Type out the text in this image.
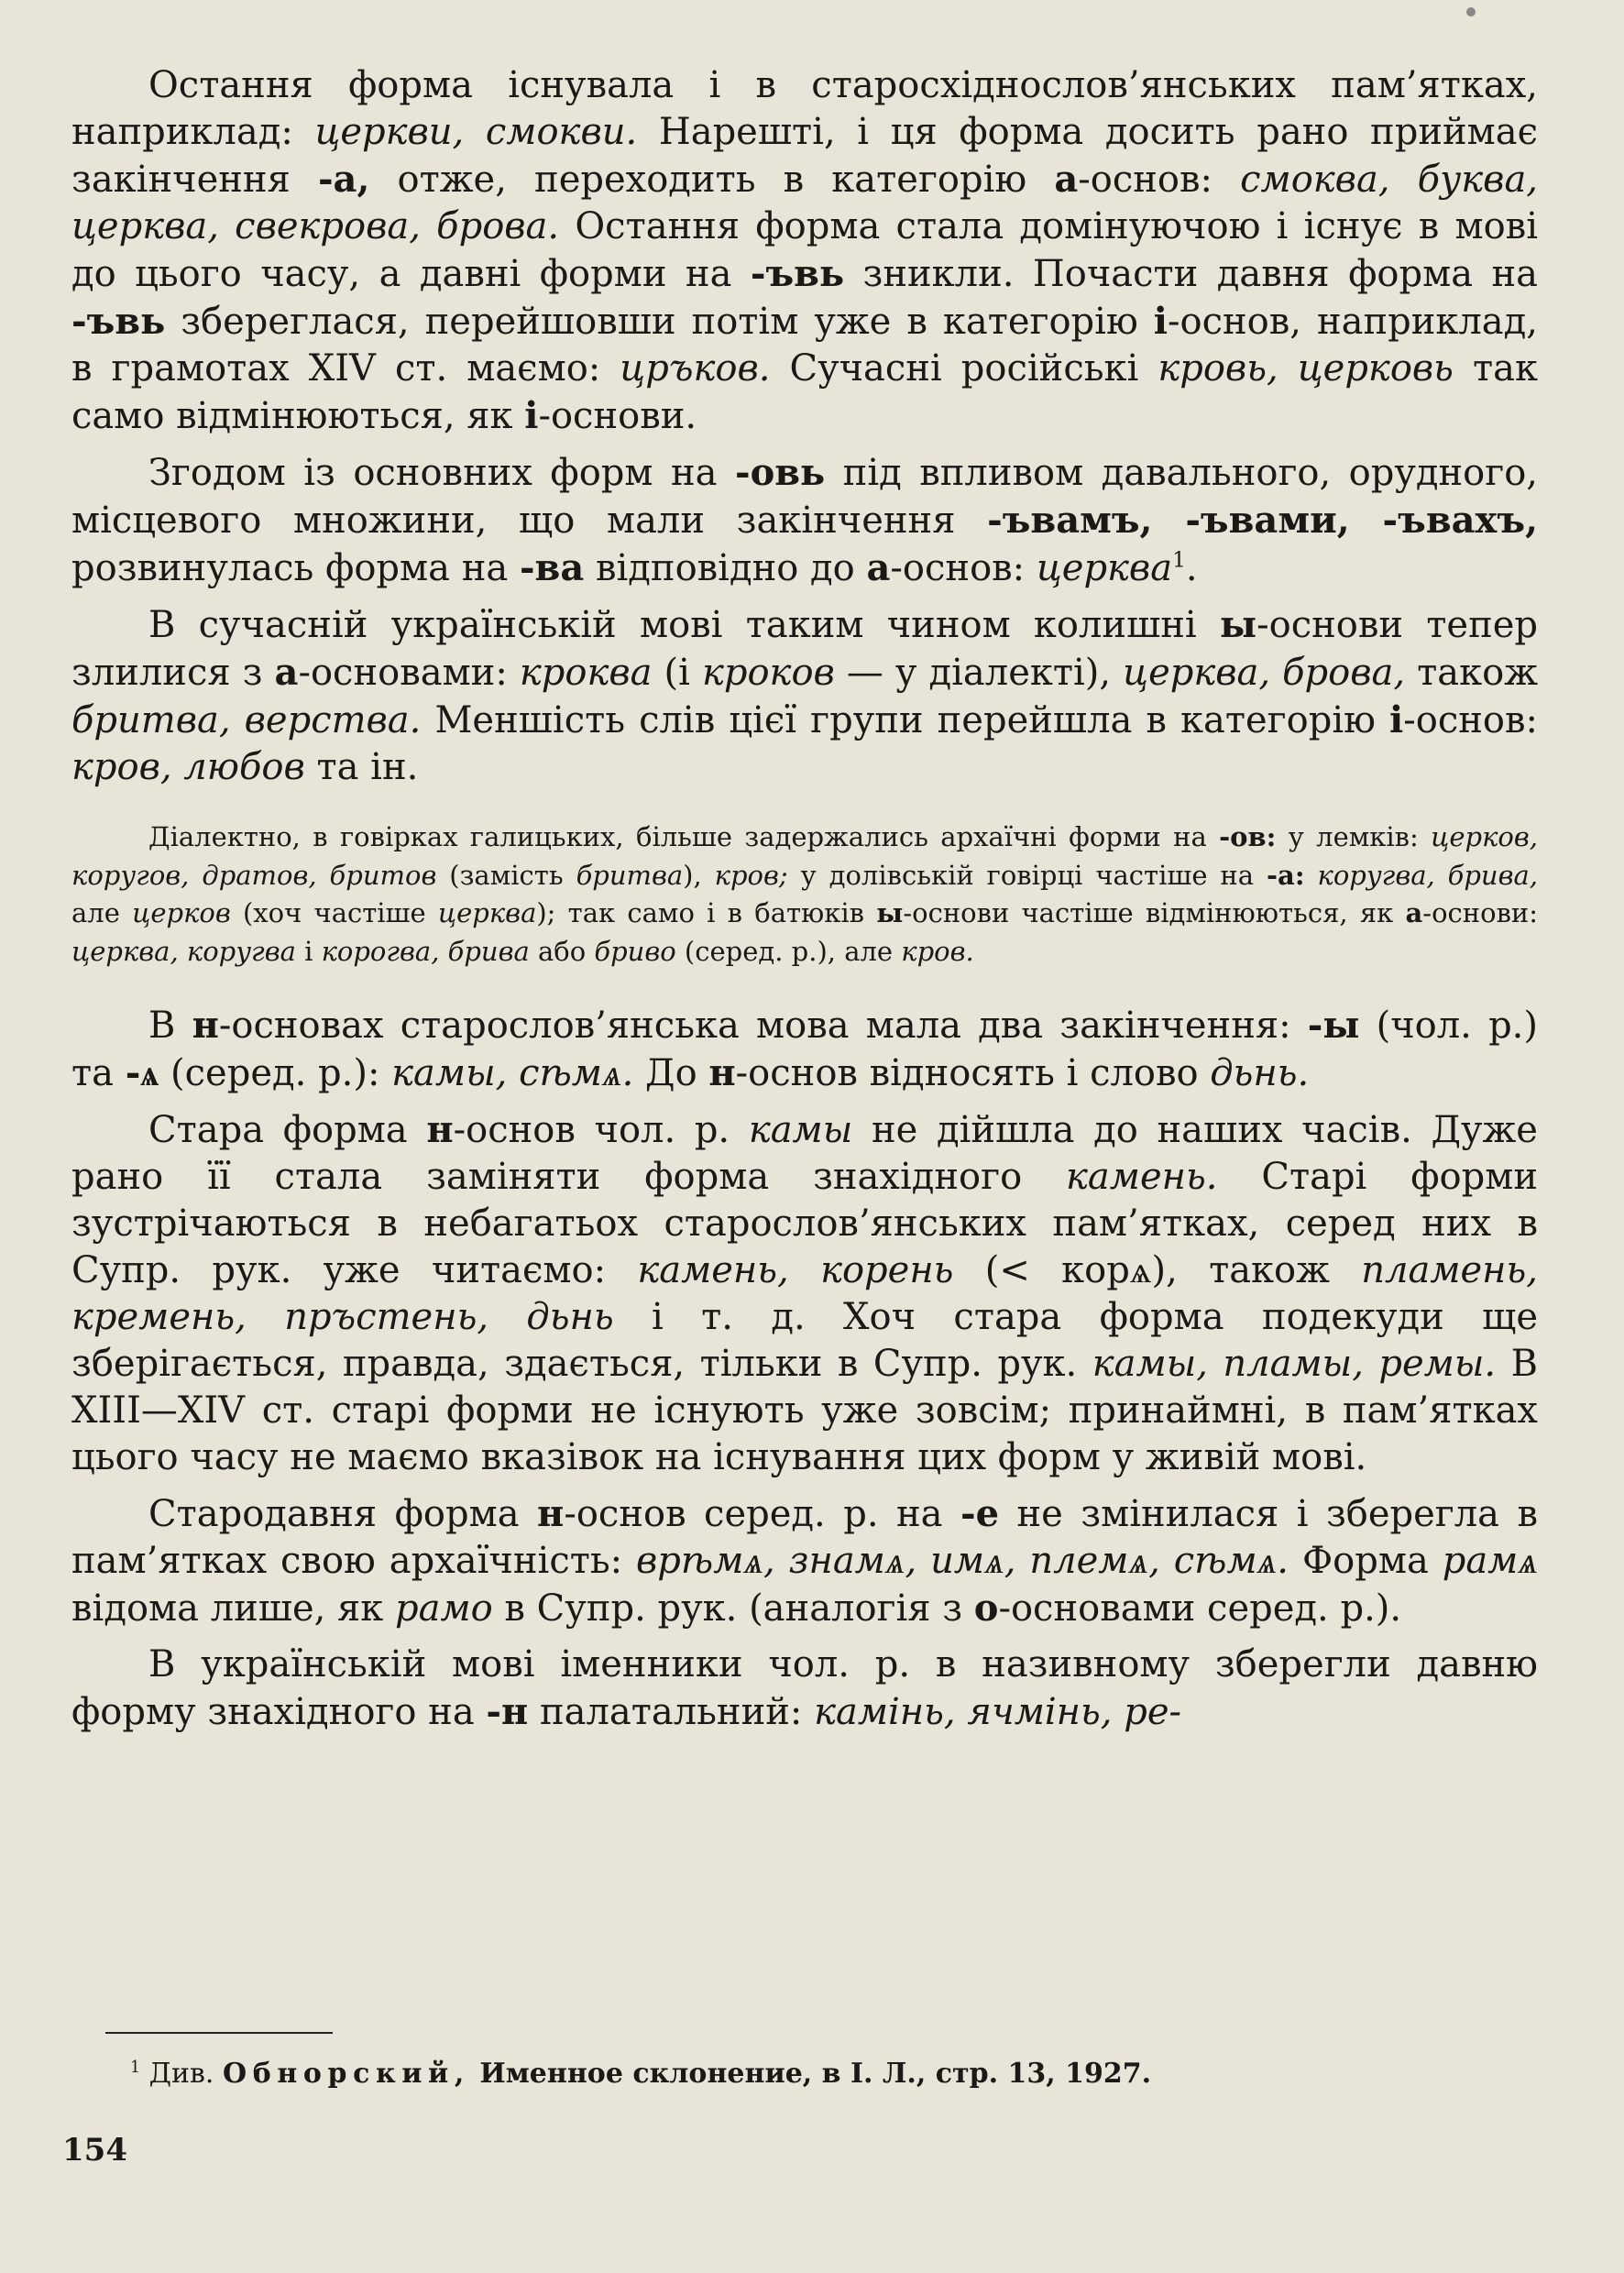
Остання форма існувала і в старосхіднослов’янських пам’ятках, наприклад: церкви, смокви. Нарешті, і ця форма досить рано приймає закінчення -а, отже, переходить в категорію а-основ: смоква, буква, церква, свекрова, брова. Остання форма стала домінуючою і існує в мові до цього часу, а давні форми на -ъвь зникли. Почасти давня форма на -ъвь збереглася, перейшовши потім уже в категорію і-основ, наприклад, в грамотах XIV ст. маємо: цръков. Сучасні російські кровь, церковь так само відмінюються, як і-основи.

Згодом із основних форм на -овь під впливом давального, орудного, місцевого множини, що мали закінчення -ъвамъ, -ъвами, -ъвахъ, розвинулась форма на -ва відповідно до а-основ: церква$^1$.

В сучасній українській мові таким чином колишні ы-основи тепер злилися з а-основами: кроква (і кроков — у діалекті), церква, брова, також бритва, верства. Меншість слів цієї групи перейшла в категорію і-основ: кров, любов та ін.

Діалектно, в говірках галицьких, більше задержались архаїчні форми на -ов: у лемків: церков, коругов, дратов, бритов (замість бритва), кров; у долівській говірці частіше на -а: коругва, брива, але церков (хоч частіше церква); так само і в батюків ы-основи частіше відмінюються, як а-основи: церква, коругва і корогва, брива або бриво (серед. р.), але кров.

В н-основах старослов’янська мова мала два закінчення: -ы (чол. р.) та -ѧ (серед. р.): камы, сѣмѧ. До н-основ відносять і слово дьнь.

Стара форма н-основ чол. р. камы не дійшла до наших часів. Дуже рано її стала заміняти форма знахідного камень. Старі форми зустрічаються в небагатьох старослов’янських пам’ятках, серед них в Супр. рук. уже читаємо: камень, корень (< корѧ), також пламень, кремень, пръстень, дьнь і т. д. Хоч стара форма подекуди ще зберігається, правда, здається, тільки в Супр. рук. камы, пламы, ремы. В XIII—XIV ст. старі форми не існують уже зовсім; принаймні, в пам’ятках цього часу не маємо вказівок на існування цих форм у живій мові.

Стародавня форма н-основ серед. р. на -е не змінилася і зберегла в пам’ятках свою архаїчність: врѣмѧ, знамѧ, имѧ, племѧ, сѣмѧ. Форма рамѧ відома лише, як рамо в Супр. рук. (аналогія з о-основами серед. р.).

В українській мові іменники чол. р. в називному зберегли давню форму знахідного на -н палатальний: камінь, ячмінь, ре-

$^1$ Див. Обнорский, Именное склонение, в І. Л., стр. 13, 1927.
154
